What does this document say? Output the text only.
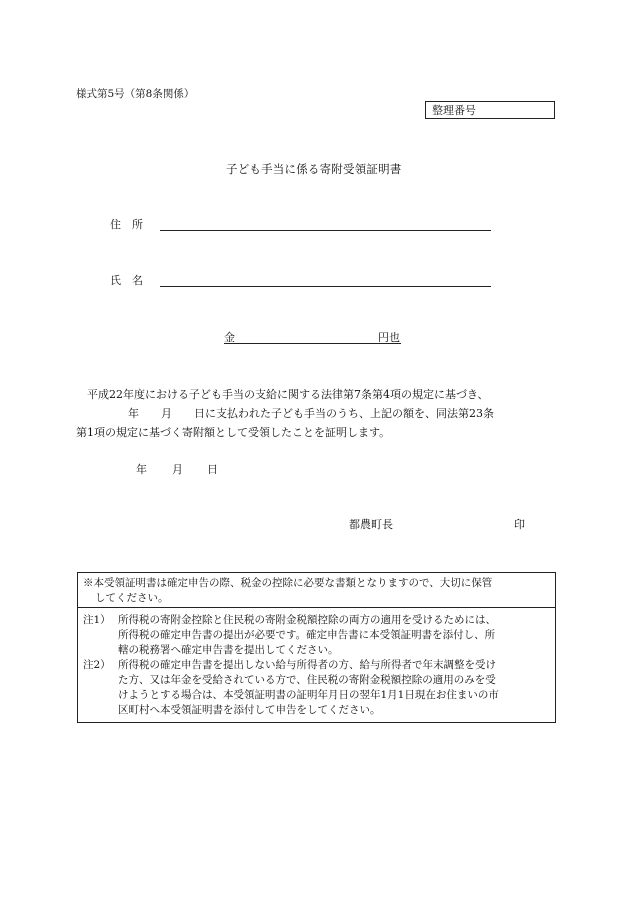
様式第5号（第8条関係）
整理番号
子ども手当に係る寄附受領証明書
住　所
氏　名
金	円也
平成22年度における子ども手当の支給に関する法律第7条第4項の規定に基づき、
年　　月　　日に支払われた子ども手当のうち、上記の額を、同法第23条
第1項の規定に基づく寄附額として受領したことを証明します。
年 月 日
都農町長	印
※本受領証明書は確定申告の際、税金の控除に必要な書類となりますので、大切に保管
してください。
注1） 所得税の寄附金控除と住民税の寄附金税額控除の両方の適用を受けるためには、
所得税の確定申告書の提出が必要です。確定申告書に本受領証明書を添付し、所
轄の税務署へ確定申告書を提出してください。
注2） 所得税の確定申告書を提出しない給与所得者の方、給与所得者で年末調整を受け
た方、又は年金を受給されている方で、住民税の寄附金税額控除の適用のみを受
けようとする場合は、本受領証明書の証明年月日の翌年1月1日現在お住まいの市
区町村へ本受領証明書を添付して申告をしてください。
